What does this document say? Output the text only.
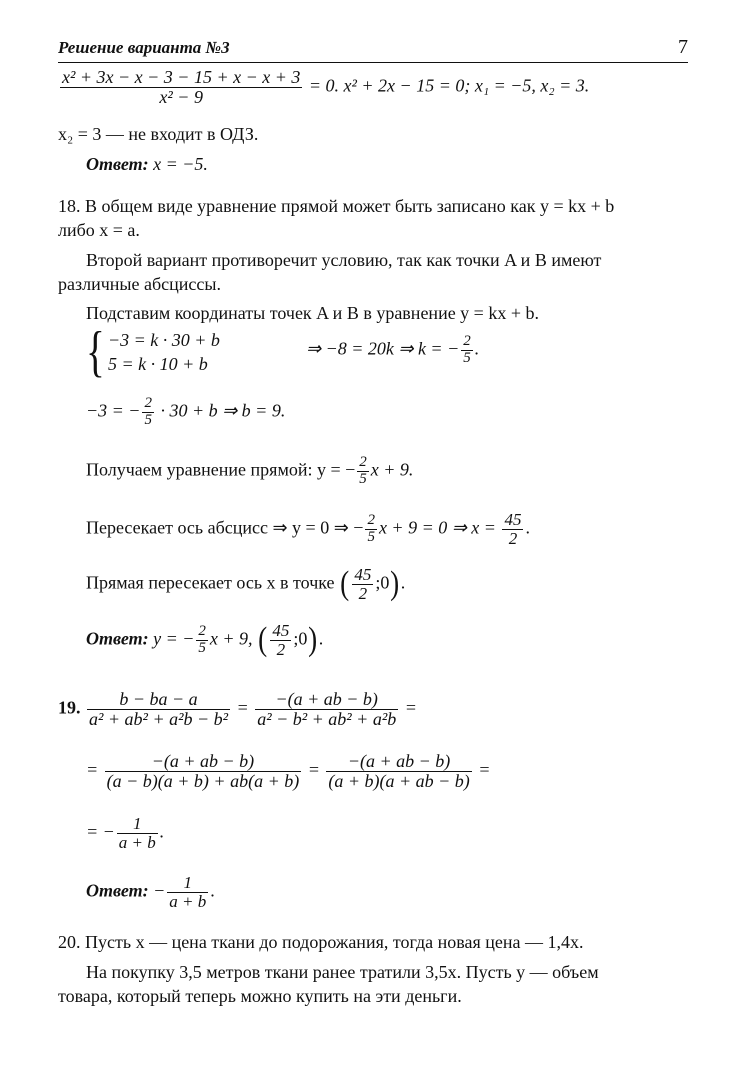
Решение варианта №3	7
$\frac{\text{x² + 3x − x − 3 − 15 + x − x + 3}}{\text{x² − 9}} = 0$. x² + 2x − 15 = 0; x₁ = −5, x₂ = 3.
x₂ = 3 — не входит в ОДЗ.
Ответ: x = −5.
18. В общем виде уравнение прямой может быть записано как y = kx + b
либо x = a.
Второй вариант противоречит условию, так как точки A и B имеют
различные абсциссы.
Подставим координаты точек A и B в уравнение y = kx + b.
{ −3 = k · 30 + b
5 = k · 10 + b
⇒ −8 = 20k ⇒ k = − $\frac{2}{5}$ .
−3 = − $\frac{2}{5} \cdot 30 + b$ ⇒ b = 9.
Получаем уравнение прямой: y = − $\frac{2}{5}$ x + 9.
Пересекает ось абсцисс ⇒ y = 0 ⇒ − $\frac{2}{5}$ x + 9 = 0 ⇒ $x = \frac{45}{2}$ .
Прямая пересекает ось x в точке ( $\frac{45}{2}$ ;0).
Ответ: y = − $\frac{2}{5}$ x + 9, ( $\frac{45}{2}$ ;0).
19. $\frac{b - ba - a}{\text{a² + ab² + a²b − b²}} = \frac{-(a + ab - b)}{\text{a² − b² + ab² + a²b}}$ =
= $\frac{-(a + ab - b)}{(a - b)(a + b) + ab(a + b)} = \frac{-(a + ab - b)}{(a + b)(a + ab - b)}$ =
= − $\frac{1}{a + b}$ .
Ответ: − $\frac{1}{a + b}$ .
20. Пусть x — цена ткани до подорожания, тогда новая цена — 1,4x.
На покупку 3,5 метров ткани ранее тратили 3,5x. Пусть y — объем
товара, который теперь можно купить на эти деньги.
